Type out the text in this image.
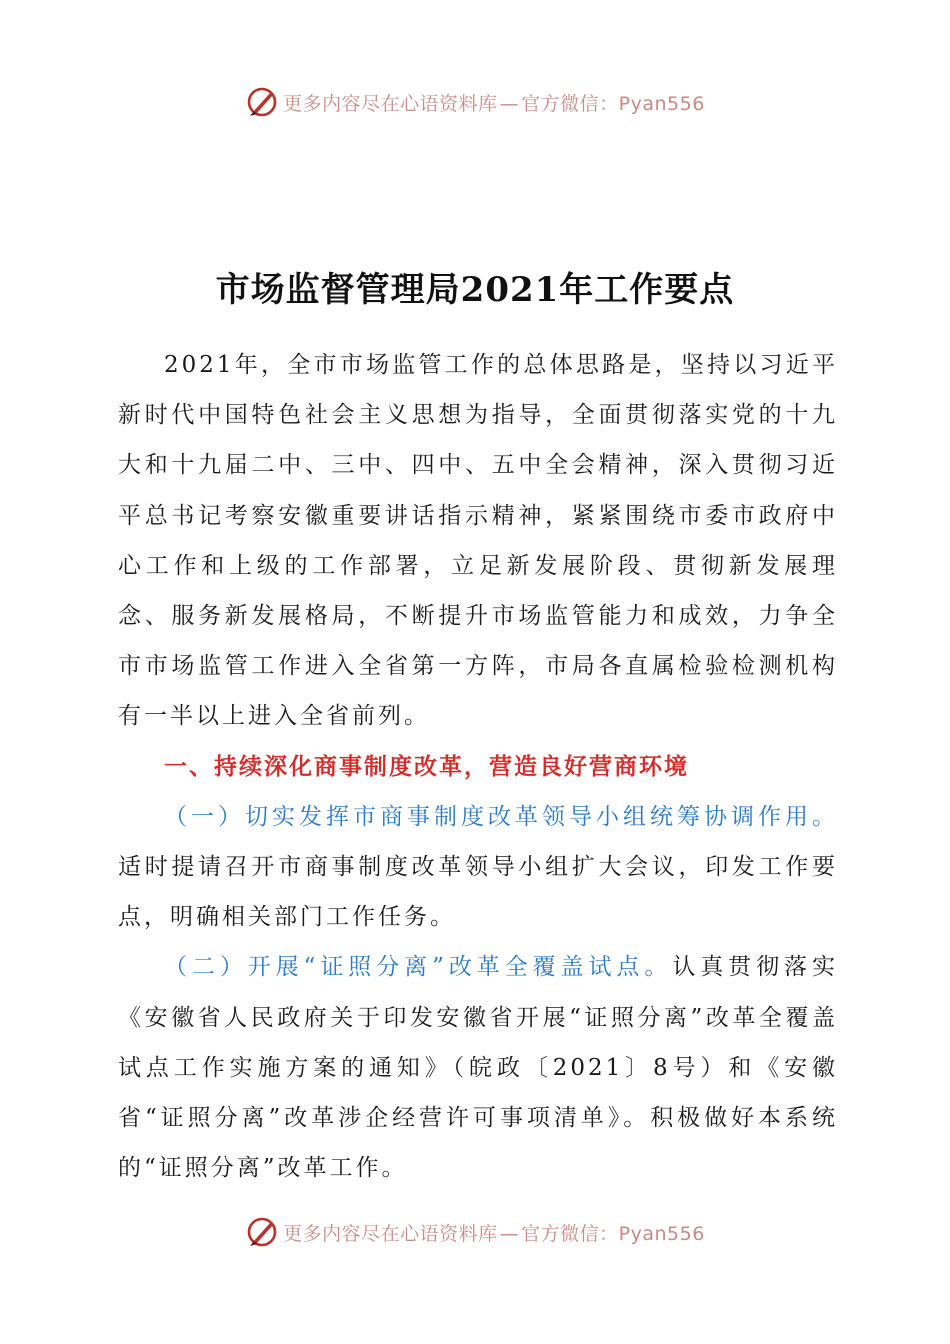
更多内容尽在心语资料库 — 官方微信：Pyan556
市场监督管理局2021年工作要点

2021年，全市市场监管工作的总体思路是，坚持以习近平新时代中国特色社会主义思想为指导，全面贯彻落实党的十九大和十九届二中、三中、四中、五中全会精神，深入贯彻习近平总书记考察安徽重要讲话指示精神，紧紧围绕市委市政府中心工作和上级的工作部署，立足新发展阶段、贯彻新发展理念、服务新发展格局，不断提升市场监管能力和成效，力争全市市场监管工作进入全省第一方阵，市局各直属检验检测机构有一半以上进入全省前列。

一、持续深化商事制度改革，营造良好营商环境

（一）切实发挥市商事制度改革领导小组统筹协调作用。适时提请召开市商事制度改革领导小组扩大会议，印发工作要点，明确相关部门工作任务。

（二）开展“证照分离”改革全覆盖试点。认真贯彻落实《安徽省人民政府关于印发安徽省开展“证照分离”改革全覆盖试点工作实施方案的通知》（皖政〔2021〕8号）和《安徽省“证照分离”改革涉企经营许可事项清单》。积极做好本系统的“证照分离”改革工作。

更多内容尽在心语资料库 — 官方微信：Pyan556
